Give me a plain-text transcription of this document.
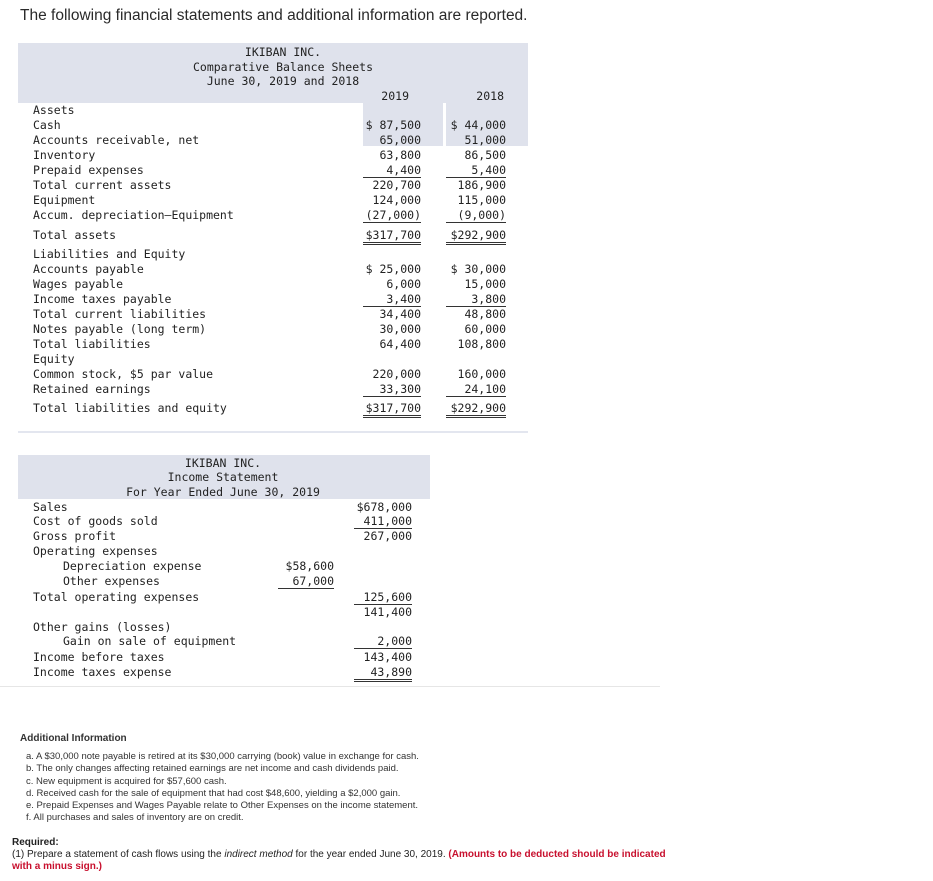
The following financial statements and additional information are reported.
IKIBAN INC.
Comparative Balance Sheets
June 30, 2019 and 2018
2019	2018
Assets
Cash	$ 87,500	$ 44,000
Accounts receivable, net	65,000	51,000
Inventory	63,800	86,500
Prepaid expenses	4,400	5,400
Total current assets	220,700	186,900
Equipment	124,000	115,000
Accum. depreciation—Equipment	(27,000)	(9,000)
Total assets	$317,700	$292,900
Liabilities and Equity
Accounts payable	$ 25,000	$ 30,000
Wages payable	6,000	15,000
Income taxes payable	3,400	3,800
Total current liabilities	34,400	48,800
Notes payable (long term)	30,000	60,000
Total liabilities	64,400	108,800
Equity
Common stock, $5 par value	220,000	160,000
Retained earnings	33,300	24,100
Total liabilities and equity	$317,700	$292,900
IKIBAN INC.
Income Statement
For Year Ended June 30, 2019
Sales	$678,000
Cost of goods sold	411,000
Gross profit	267,000
Operating expenses
Depreciation expense	$58,600
Other expenses	67,000
Total operating expenses	125,600
141,400
Other gains (losses)
Gain on sale of equipment	2,000
Income before taxes	143,400
Income taxes expense	43,890
Additional Information
a. A $30,000 note payable is retired at its $30,000 carrying (book) value in exchange for cash.
b. The only changes affecting retained earnings are net income and cash dividends paid.
c. New equipment is acquired for $57,600 cash.
d. Received cash for the sale of equipment that had cost $48,600, yielding a $2,000 gain.
e. Prepaid Expenses and Wages Payable relate to Other Expenses on the income statement.
f. All purchases and sales of inventory are on credit.
Required:
(1) Prepare a statement of cash flows using the indirect method for the year ended June 30, 2019. (Amounts to be deducted should be indicated with a minus sign.)
